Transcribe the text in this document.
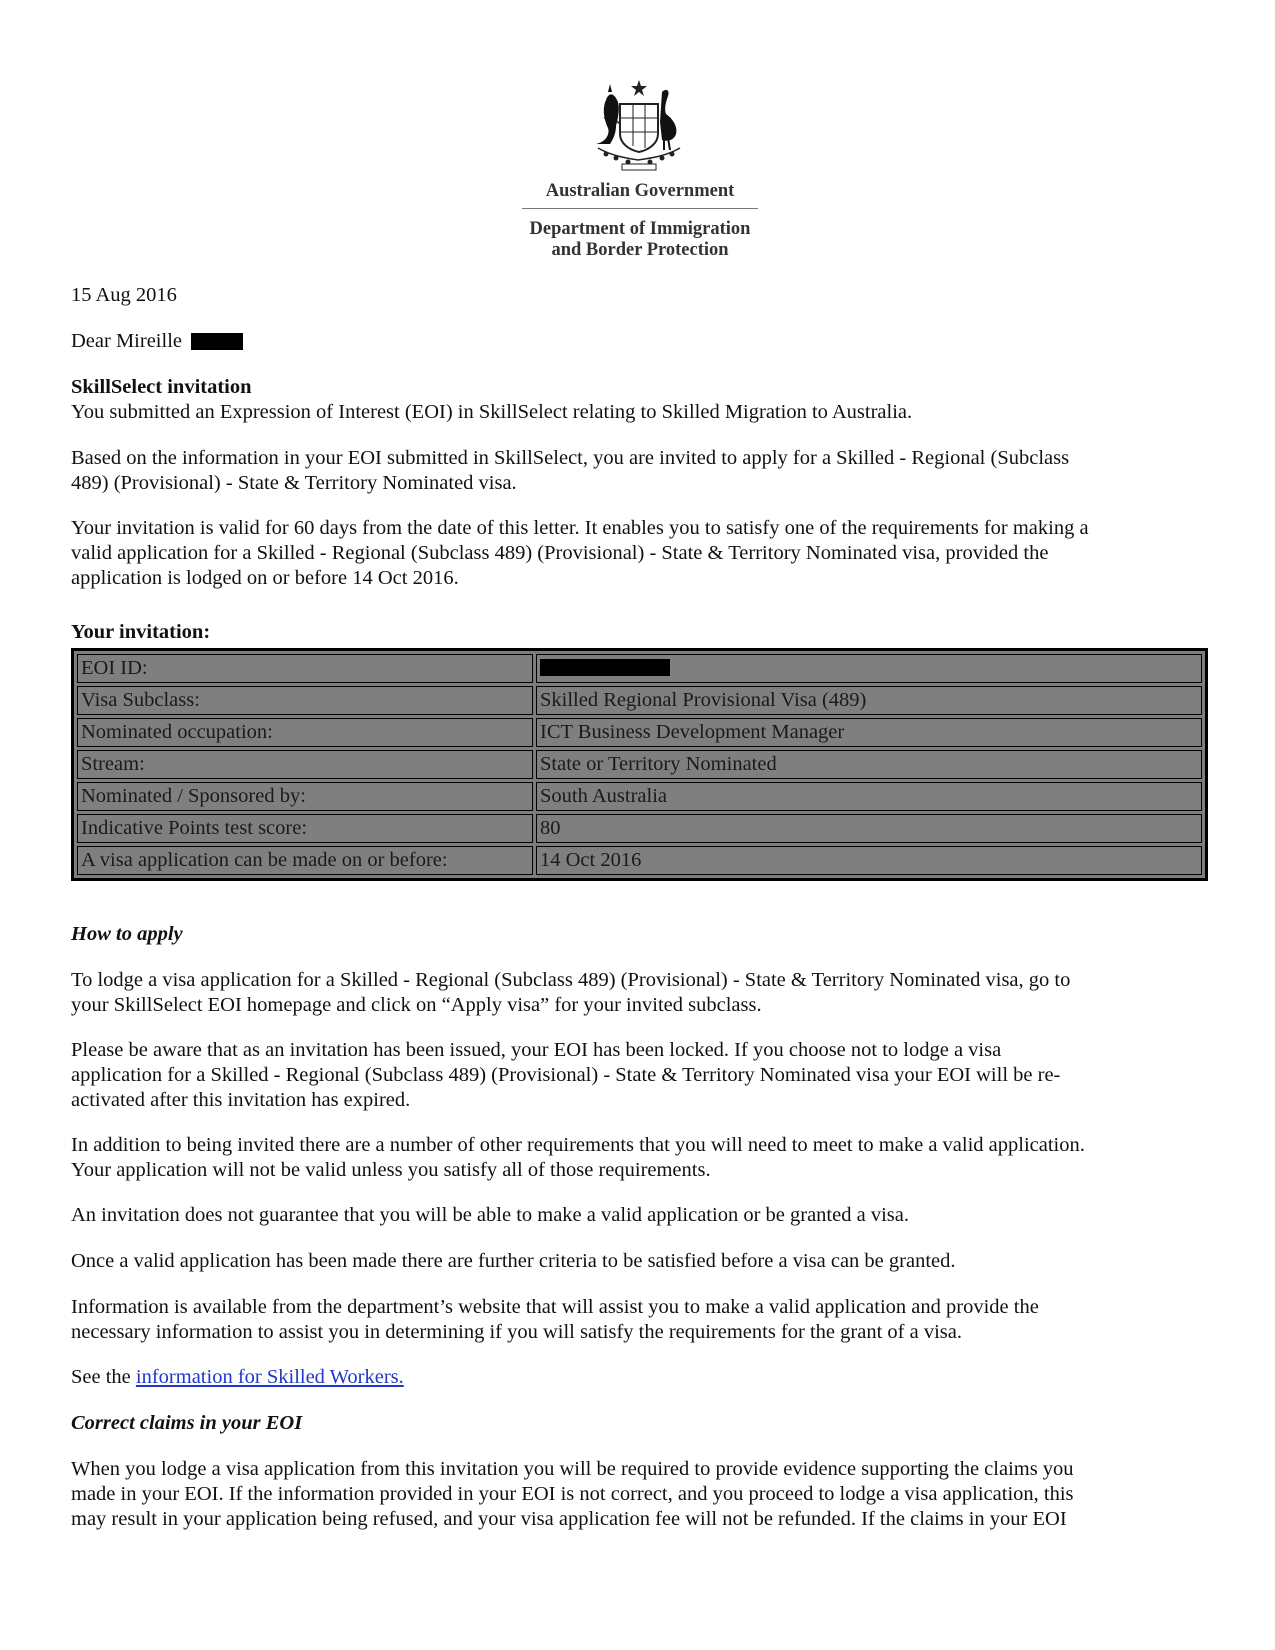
Australian Government
Department of Immigration
and Border Protection

15 Aug 2016

Dear Mireille

SkillSelect invitation

You submitted an Expression of Interest (EOI) in SkillSelect relating to Skilled Migration to Australia.

Based on the information in your EOI submitted in SkillSelect, you are invited to apply for a Skilled - Regional (Subclass
489) (Provisional) - State & Territory Nominated visa.

Your invitation is valid for 60 days from the date of this letter. It enables you to satisfy one of the requirements for making a
valid application for a Skilled - Regional (Subclass 489) (Provisional) - State & Territory Nominated visa, provided the
application is lodged on or before 14 Oct 2016.

Your invitation:

EOI ID:	
Visa Subclass:	Skilled Regional Provisional Visa (489)
Nominated occupation:	ICT Business Development Manager
Stream:	State or Territory Nominated
Nominated / Sponsored by:	South Australia
Indicative Points test score:	80
A visa application can be made on or before:	14 Oct 2016

How to apply

To lodge a visa application for a Skilled - Regional (Subclass 489) (Provisional) - State & Territory Nominated visa, go to
your SkillSelect EOI homepage and click on “Apply visa” for your invited subclass.

Please be aware that as an invitation has been issued, your EOI has been locked. If you choose not to lodge a visa
application for a Skilled - Regional (Subclass 489) (Provisional) - State & Territory Nominated visa your EOI will be re-
activated after this invitation has expired.

In addition to being invited there are a number of other requirements that you will need to meet to make a valid application.
Your application will not be valid unless you satisfy all of those requirements.

An invitation does not guarantee that you will be able to make a valid application or be granted a visa.

Once a valid application has been made there are further criteria to be satisfied before a visa can be granted.

Information is available from the department’s website that will assist you to make a valid application and provide the
necessary information to assist you in determining if you will satisfy the requirements for the grant of a visa.

See the information for Skilled Workers.

Correct claims in your EOI

When you lodge a visa application from this invitation you will be required to provide evidence supporting the claims you
made in your EOI. If the information provided in your EOI is not correct, and you proceed to lodge a visa application, this
may result in your application being refused, and your visa application fee will not be refunded. If the claims in your EOI
